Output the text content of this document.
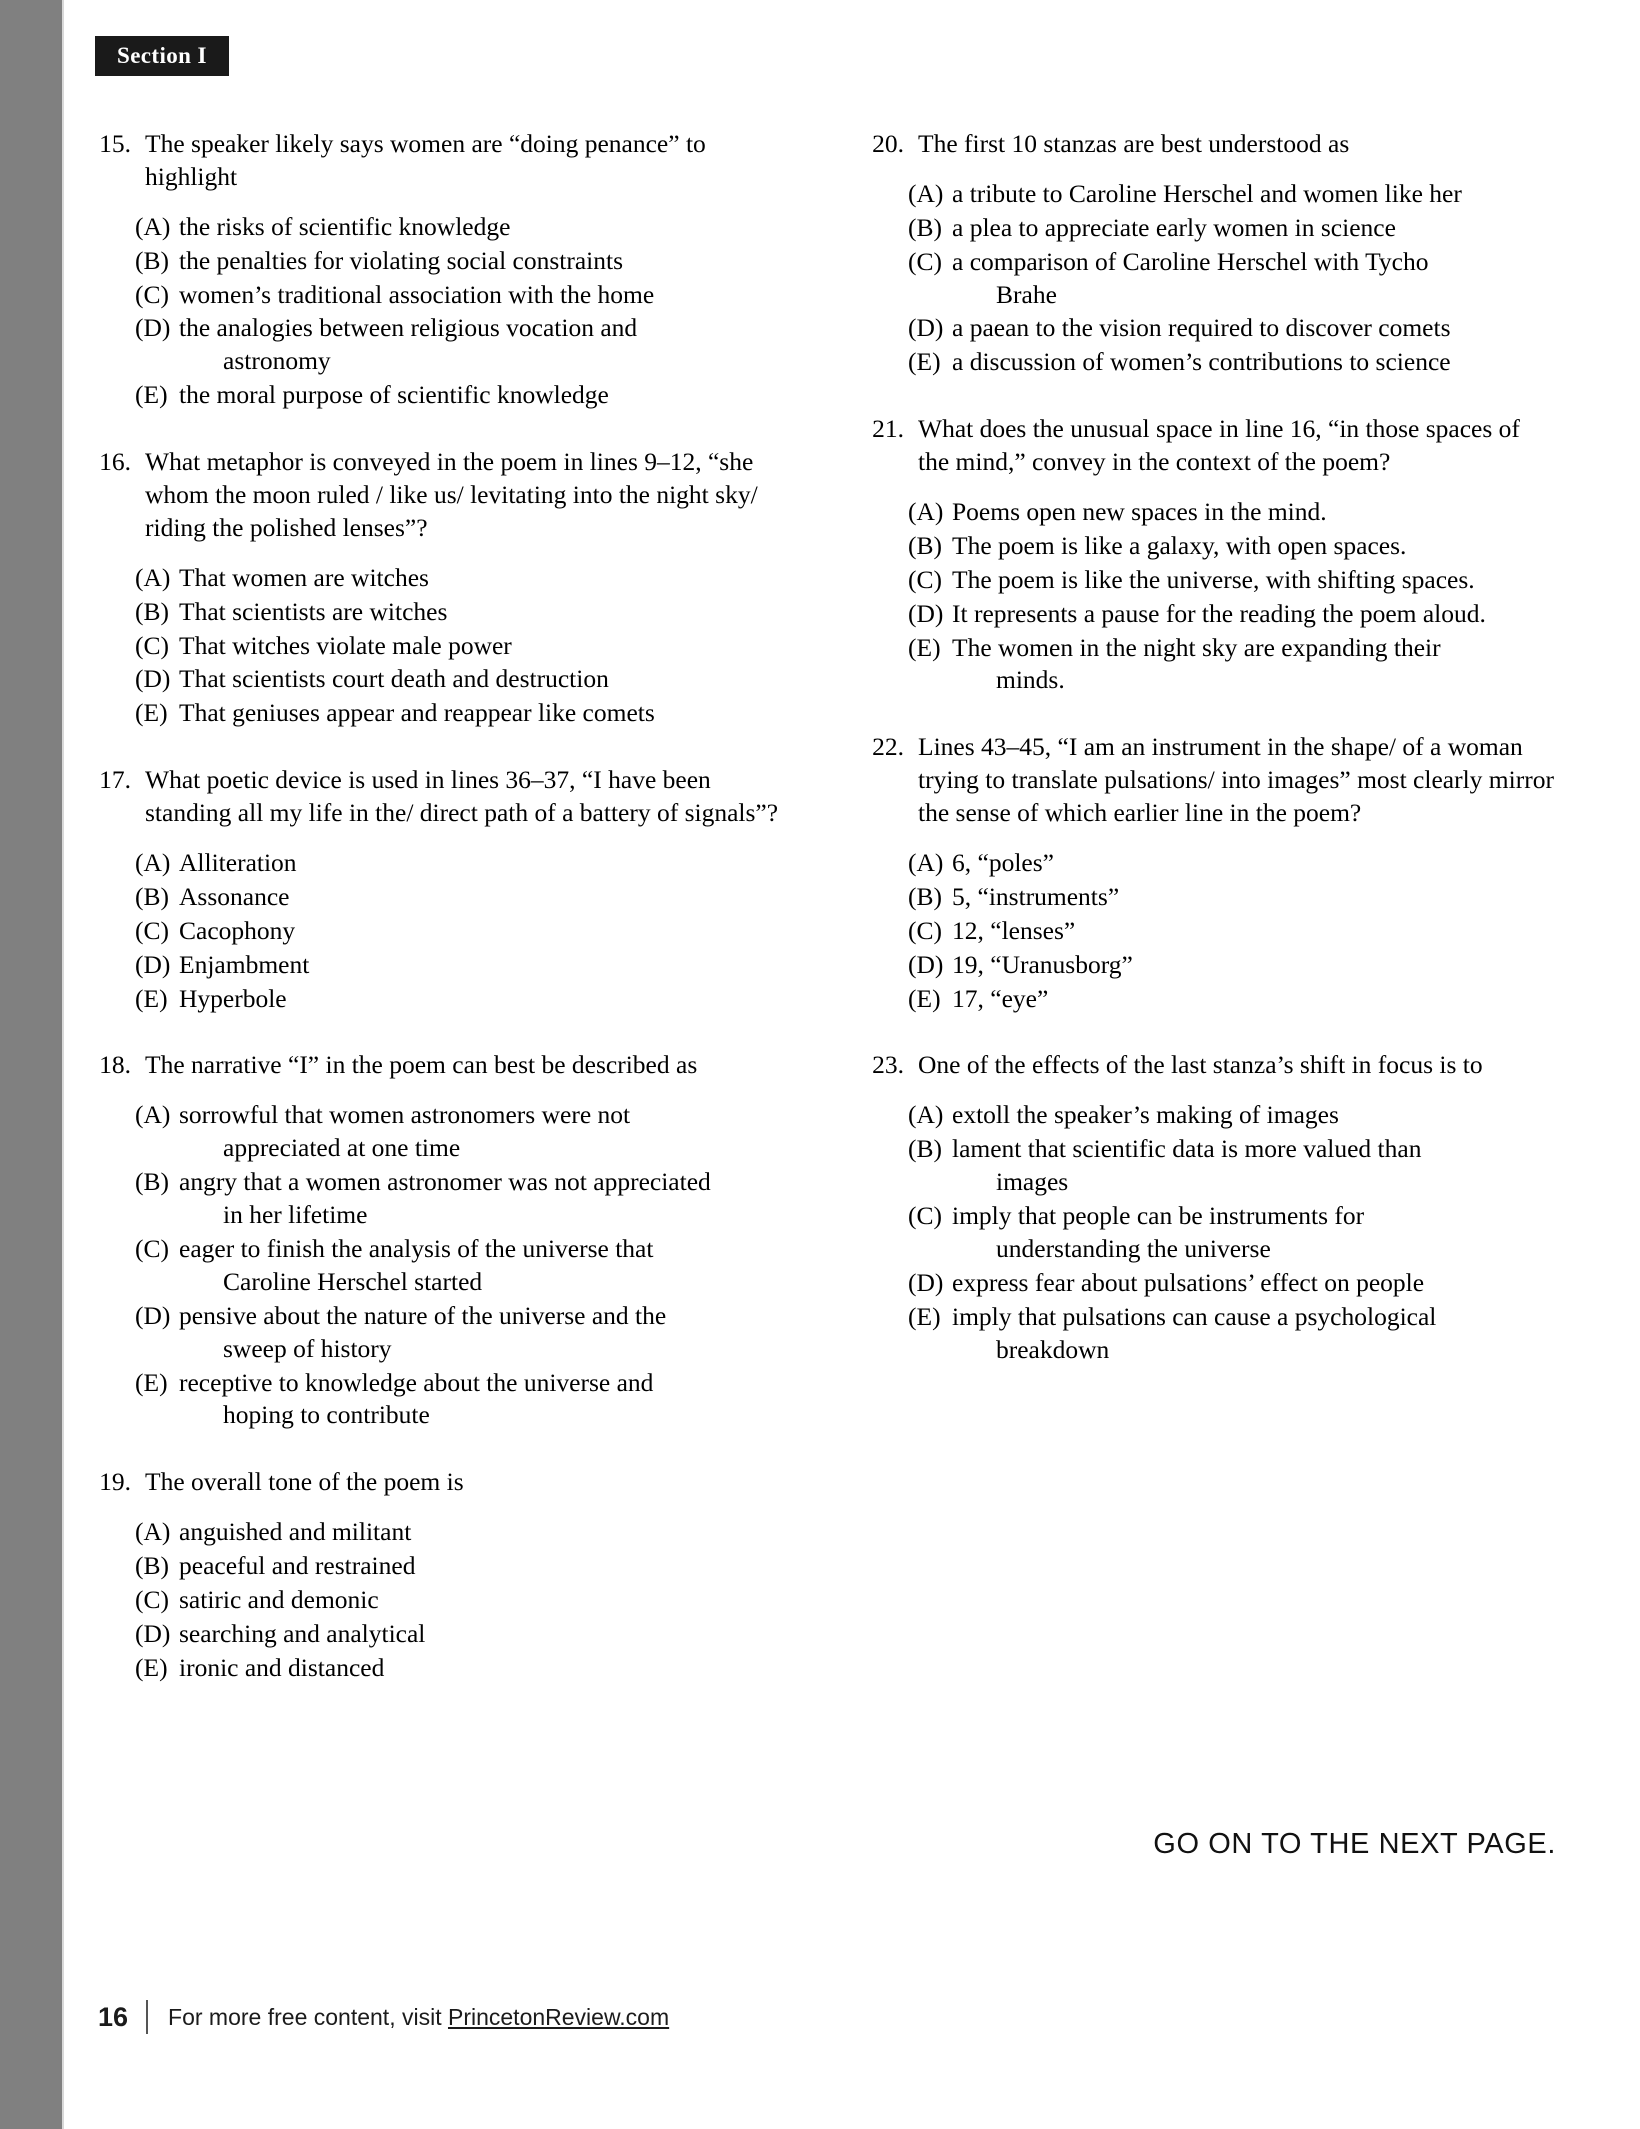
Section I
15. The speaker likely says women are “doing penance” to highlight
(A) the risks of scientific knowledge
(B) the penalties for violating social constraints
(C) women’s traditional association with the home
(D) the analogies between religious vocation and
astronomy
(E) the moral purpose of scientific knowledge
16. What metaphor is conveyed in the poem in lines 9–12, “she whom the moon ruled / like us/ levitating into the night sky/ riding the polished lenses”?
(A) That women are witches
(B) That scientists are witches
(C) That witches violate male power
(D) That scientists court death and destruction
(E) That geniuses appear and reappear like comets
17. What poetic device is used in lines 36–37, “I have been standing all my life in the/ direct path of a battery of signals”?
(A) Alliteration
(B) Assonance
(C) Cacophony
(D) Enjambment
(E) Hyperbole
18. The narrative “I” in the poem can best be described as
(A) sorrowful that women astronomers were not
appreciated at one time
(B) angry that a women astronomer was not appreciated
in her lifetime
(C) eager to finish the analysis of the universe that
Caroline Herschel started
(D) pensive about the nature of the universe and the
sweep of history
(E) receptive to knowledge about the universe and
hoping to contribute
19. The overall tone of the poem is
(A) anguished and militant
(B) peaceful and restrained
(C) satiric and demonic
(D) searching and analytical
(E) ironic and distanced
20. The first 10 stanzas are best understood as
(A) a tribute to Caroline Herschel and women like her
(B) a plea to appreciate early women in science
(C) a comparison of Caroline Herschel with Tycho
Brahe
(D) a paean to the vision required to discover comets
(E) a discussion of women’s contributions to science
21. What does the unusual space in line 16, “in those spaces of the mind,” convey in the context of the poem?
(A) Poems open new spaces in the mind.
(B) The poem is like a galaxy, with open spaces.
(C) The poem is like the universe, with shifting spaces.
(D) It represents a pause for the reading the poem aloud.
(E) The women in the night sky are expanding their
minds.
22. Lines 43–45, “I am an instrument in the shape/ of a woman trying to translate pulsations/ into images” most clearly mirror the sense of which earlier line in the poem?
(A) 6, “poles”
(B) 5, “instruments”
(C) 12, “lenses”
(D) 19, “Uranusborg”
(E) 17, “eye”
23. One of the effects of the last stanza’s shift in focus is to
(A) extoll the speaker’s making of images
(B) lament that scientific data is more valued than
images
(C) imply that people can be instruments for
understanding the universe
(D) express fear about pulsations’ effect on people
(E) imply that pulsations can cause a psychological
breakdown
GO ON TO THE NEXT PAGE.
16 For more free content, visit PrincetonReview.com
